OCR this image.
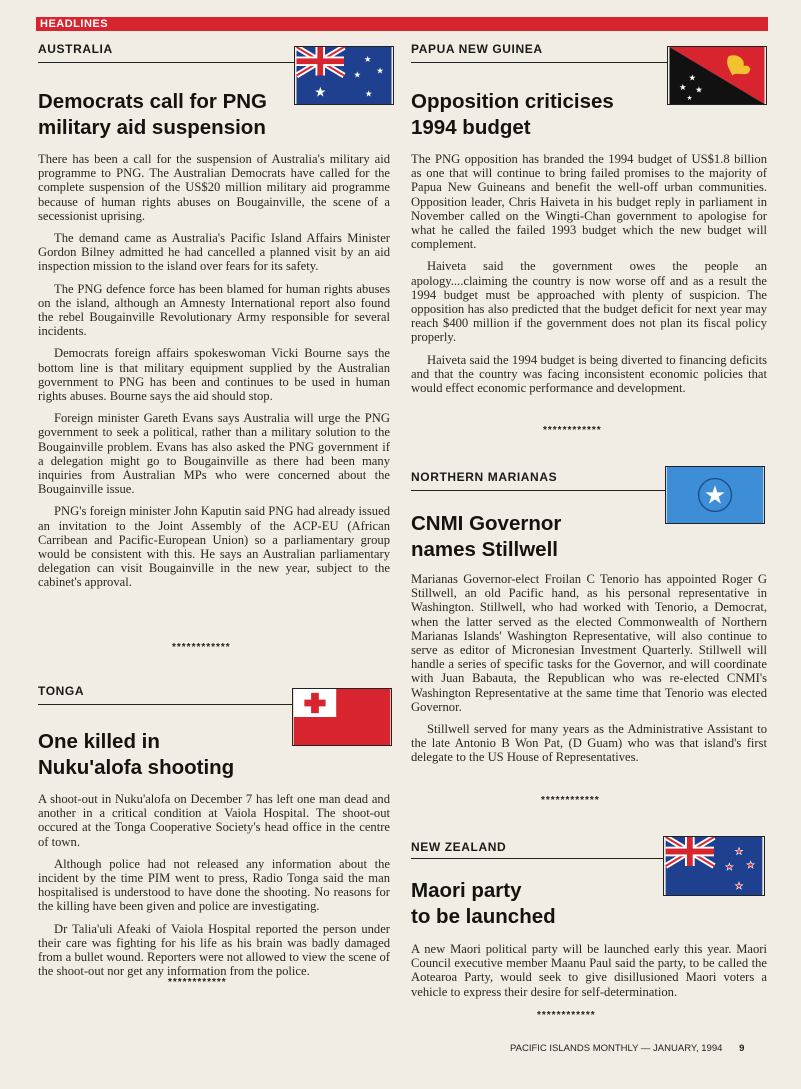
HEADLINES
AUSTRALIA
★
★
★ ★
★
Democrats call for PNG
military aid suspension

There has been a call for the suspension of Australia's military aid programme to PNG. The Australian Democrats have called for the complete suspension of the US$20 million military aid programme because of human rights abuses on Bougainville, the scene of a secessionist uprising.

The demand came as Australia's Pacific Island Affairs Minister Gordon Bilney admitted he had cancelled a planned visit by an aid inspection mission to the island over fears for its safety.

The PNG defence force has been blamed for human rights abuses on the island, although an Amnesty International report also found the rebel Bougainville Revolutionary Army responsible for several incidents.

Democrats foreign affairs spokeswoman Vicki Bourne says the bottom line is that military equipment supplied by the Australian government to PNG has been and continues to be used in human rights abuses. Bourne says the aid should stop.

Foreign minister Gareth Evans says Australia will urge the PNG government to seek a political, rather than a military solution to the Bougainville problem. Evans has also asked the PNG government if a delegation might go to Bougainville as there had been many inquiries from Australian MPs who were concerned about the Bougainville issue.

PNG's foreign minister John Kaputin said PNG had already issued an invitation to the Joint Assembly of the ACP-EU (African Carribean and Pacific-European Union) so a parliamentary group would be consistent with this. He says an Australian parliamentary delegation can visit Bougainville in the new year, subject to the cabinet's approval.

************
TONGA
One killed in
Nuku'alofa shooting

A shoot-out in Nuku'alofa on December 7 has left one man dead and another in a critical condition at Vaiola Hospital. The shoot-out occured at the Tonga Cooperative Society's head office in the centre of town.

Although police had not released any information about the incident by the time PIM went to press, Radio Tonga said the man hospitalised is understood to have done the shooting. No reasons for the killing have been given and police are investigating.

Dr Talia'uli Afeaki of Vaiola Hospital reported the person under their care was fighting for his life as his brain was badly damaged from a bullet wound. Reporters were not allowed to view the scene of the shoot-out nor get any information from the police.

************
PAPUA NEW GUINEA
★
★ ★
★
Opposition criticises
1994 budget

The PNG opposition has branded the 1994 budget of US$1.8 billion as one that will continue to bring failed promises to the majority of Papua New Guineans and benefit the well-off urban communities. Opposition leader, Chris Haiveta in his budget reply in parliament in November called on the Wingti-Chan government to apologise for what he called the failed 1993 budget which the new budget will complement.

Haiveta said the government owes the people an apology....claiming the country is now worse off and as a result the 1994 budget must be approached with plenty of suspicion. The opposition has also predicted that the budget deficit for next year may reach $400 million if the government does not plan its fiscal policy properly.

Haiveta said the 1994 budget is being diverted to financing deficits and that the country was facing inconsistent economic policies that would effect economic performance and development.

************
NORTHERN MARIANAS
★
CNMI Governor
names Stillwell

Marianas Governor-elect Froilan C Tenorio has appointed Roger G Stillwell, an old Pacific hand, as his personal representative in Washington. Stillwell, who had worked with Tenorio, a Democrat, when the latter served as the elected Commonwealth of Northern Marianas Islands' Washington Representative, will also continue to serve as editor of Micronesian Investment Quarterly. Stillwell will handle a series of specific tasks for the Governor, and will coordinate with Juan Babauta, the Republican who was re-elected CNMI's Washington Representative at the same time that Tenorio was elected Governor.

Stillwell served for many years as the Administrative Assistant to the late Antonio B Won Pat, (D Guam) who was that island's first delegate to the US House of Representatives.

************
NEW ZEALAND	★
★ ★
★
Maori party
to be launched

A new Maori political party will be launched early this year. Maori Council executive member Maanu Paul said the party, to be called the Aotearoa Party, would seek to give disillusioned Maori voters a vehicle to express their desire for self-determination.

************
PACIFIC ISLANDS MONTHLY — JANUARY, 1994 9
